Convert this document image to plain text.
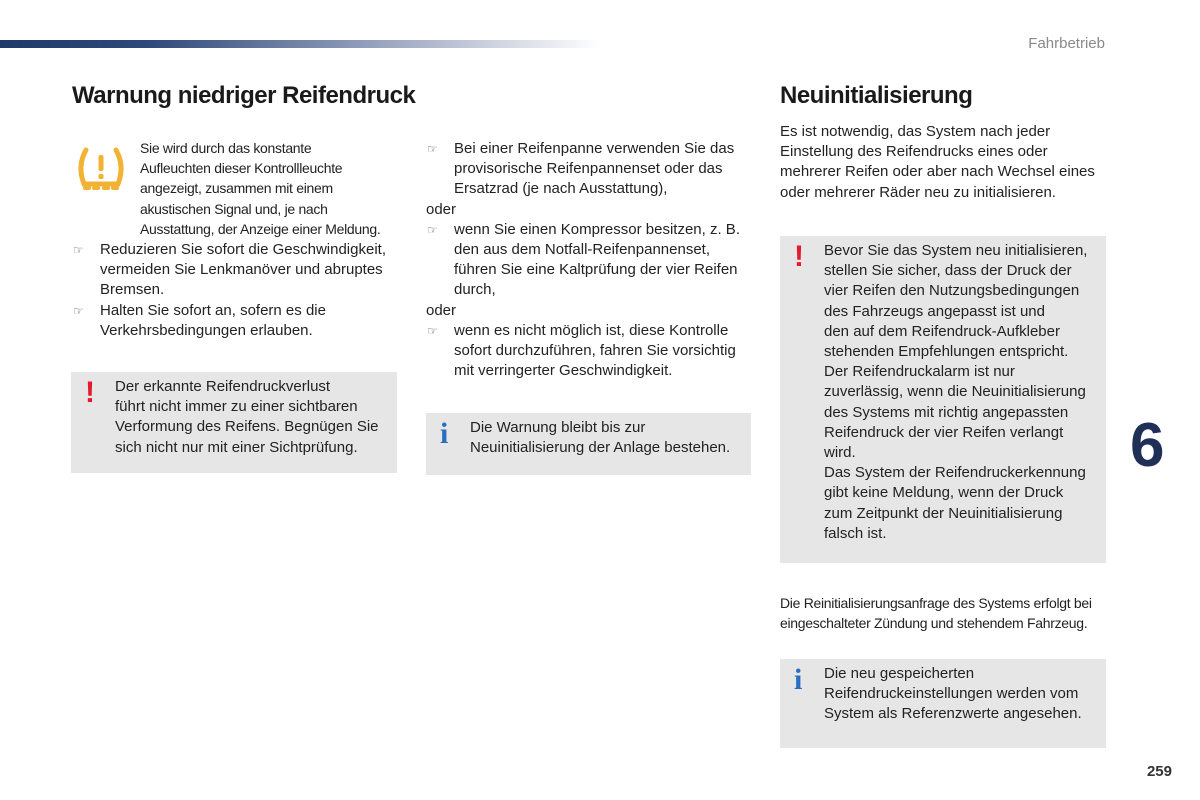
Fahrbetrieb
Warnung niedriger Reifendruck

Sie wird durch das konstante

Aufleuchten dieser Kontrollleuchte

angezeigt, zusammen mit einem

akustischen Signal und, je nach

Ausstattung, der Anzeige einer Meldung.

☞ Reduzieren Sie sofort die Geschwindigkeit,

vermeiden Sie Lenkmanöver und abruptes

Bremsen.

☞ Halten Sie sofort an, sofern es die

Verkehrsbedingungen erlauben.

! Der erkannte Reifendruckverlust
führt nicht immer zu einer sichtbaren
Verformung des Reifens. Begnügen Sie
sich nicht nur mit einer Sichtprüfung.
☞ Bei einer Reifenpanne verwenden Sie das

provisorische Reifenpannenset oder das

Ersatzrad (je nach Ausstattung),

oder

☞ wenn Sie einen Kompressor besitzen, z. B.

den aus dem Notfall-Reifenpannenset,

führen Sie eine Kaltprüfung der vier Reifen

durch,

oder

☞ wenn es nicht möglich ist, diese Kontrolle

sofort durchzuführen, fahren Sie vorsichtig

mit verringerter Geschwindigkeit.

i Die Warnung bleibt bis zur
Neuinitialisierung der Anlage bestehen.
Neuinitialisierung

Es ist notwendig, das System nach jeder

Einstellung des Reifendrucks eines oder

mehrerer Reifen oder aber nach Wechsel eines

oder mehrerer Räder neu zu initialisieren.

! Bevor Sie das System neu initialisieren,
stellen Sie sicher, dass der Druck der
vier Reifen den Nutzungsbedingungen
des Fahrzeugs angepasst ist und
den auf dem Reifendruck-Aufkleber
stehenden Empfehlungen entspricht.
Der Reifendruckalarm ist nur
zuverlässig, wenn die Neuinitialisierung
des Systems mit richtig angepassten
Reifendruck der vier Reifen verlangt
wird.
Das System der Reifendruckerkennung
gibt keine Meldung, wenn der Druck
zum Zeitpunkt der Neuinitialisierung
falsch ist.

Die Reinitialisierungsanfrage des Systems erfolgt bei

eingeschalteter Zündung und stehendem Fahrzeug.

i Die neu gespeicherten
Reifendruckeinstellungen werden vom
System als Referenzwerte angesehen.
6
259
